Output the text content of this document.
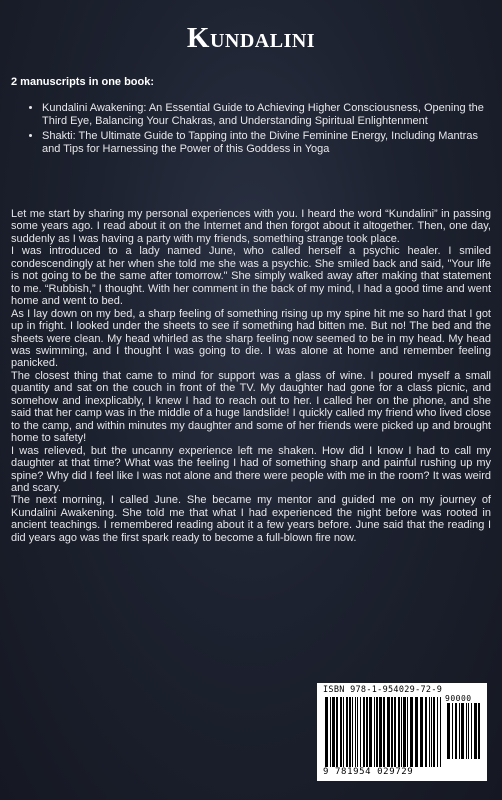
Kundalini
2 manuscripts in one book:
• Kundalini Awakening: An Essential Guide to Achieving Higher Consciousness, Opening the Third Eye, Balancing Your Chakras, and Understanding Spiritual Enlightenment
• Shakti: The Ultimate Guide to Tapping into the Divine Feminine Energy, Including Mantras and Tips for Harnessing the Power of this Goddess in Yoga

Let me start by sharing my personal experiences with you. I heard the word “Kundalini” in passing some years ago. I read about it on the Internet and then forgot about it altogether. Then, one day, suddenly as I was having a party with my friends, something strange took place.

I was introduced to a lady named June, who called herself a psychic healer. I smiled condescendingly at her when she told me she was a psychic. She smiled back and said, "Your life is not going to be the same after tomorrow." She simply walked away after making that statement to me. “Rubbish,” I thought. With her comment in the back of my mind, I had a good time and went home and went to bed.

As I lay down on my bed, a sharp feeling of something rising up my spine hit me so hard that I got up in fright. I looked under the sheets to see if something had bitten me. But no! The bed and the sheets were clean. My head whirled as the sharp feeling now seemed to be in my head. My head was swimming, and I thought I was going to die. I was alone at home and remember feeling panicked.

The closest thing that came to mind for support was a glass of wine. I poured myself a small quantity and sat on the couch in front of the TV. My daughter had gone for a class picnic, and somehow and inexplicably, I knew I had to reach out to her. I called her on the phone, and she said that her camp was in the middle of a huge landslide! I quickly called my friend who lived close to the camp, and within minutes my daughter and some of her friends were picked up and brought home to safety!

I was relieved, but the uncanny experience left me shaken. How did I know I had to call my daughter at that time? What was the feeling I had of something sharp and painful rushing up my spine? Why did I feel like I was not alone and there were people with me in the room? It was weird and scary.

The next morning, I called June. She became my mentor and guided me on my journey of Kundalini Awakening. She told me that what I had experienced the night before was rooted in ancient teachings. I remembered reading about it a few years before. June said that the reading I did years ago was the first spark ready to become a full-blown fire now.

ISBN 978-1-954029-72-9
90000
9 781954 029729
